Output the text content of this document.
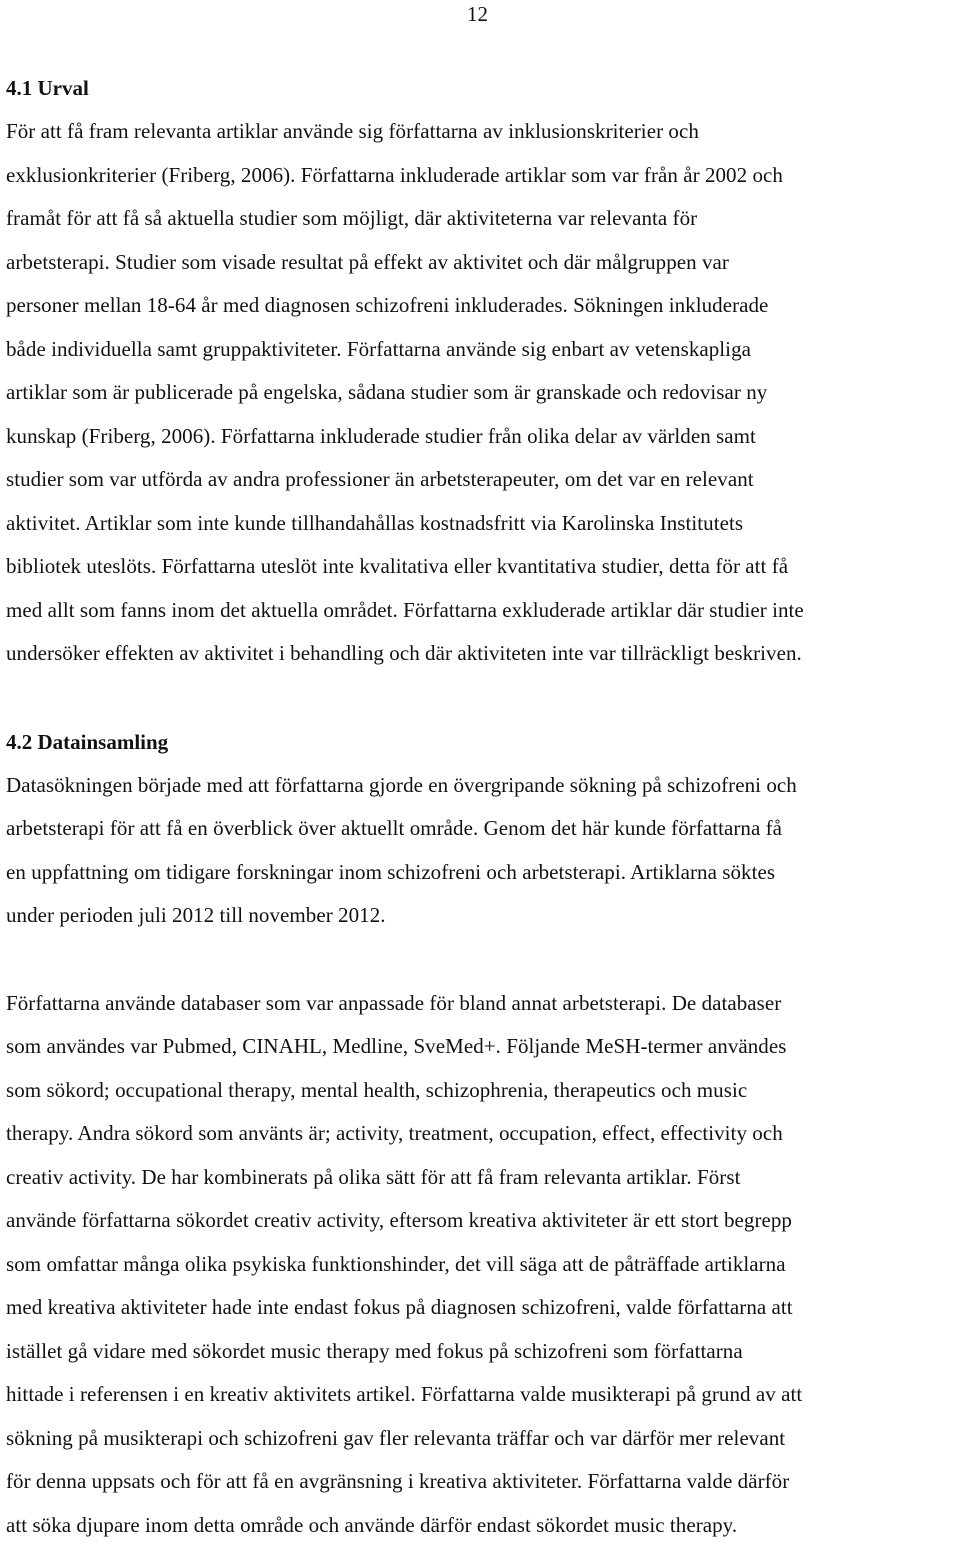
12
4.1 Urval
För att få fram relevanta artiklar använde sig författarna av inklusionskriterier och
exklusionkriterier (Friberg, 2006). Författarna inkluderade artiklar som var från år 2002 och
framåt för att få så aktuella studier som möjligt, där aktiviteterna var relevanta för
arbetsterapi. Studier som visade resultat på effekt av aktivitet och där målgruppen var
personer mellan 18-64 år med diagnosen schizofreni inkluderades. Sökningen inkluderade
både individuella samt gruppaktiviteter. Författarna använde sig enbart av vetenskapliga
artiklar som är publicerade på engelska, sådana studier som är granskade och redovisar ny
kunskap (Friberg, 2006). Författarna inkluderade studier från olika delar av världen samt
studier som var utförda av andra professioner än arbetsterapeuter, om det var en relevant
aktivitet. Artiklar som inte kunde tillhandahållas kostnadsfritt via Karolinska Institutets
bibliotek uteslöts. Författarna uteslöt inte kvalitativa eller kvantitativa studier, detta för att få
med allt som fanns inom det aktuella området. Författarna exkluderade artiklar där studier inte
undersöker effekten av aktivitet i behandling och där aktiviteten inte var tillräckligt beskriven.
4.2 Datainsamling
Datasökningen började med att författarna gjorde en övergripande sökning på schizofreni och
arbetsterapi för att få en överblick över aktuellt område. Genom det här kunde författarna få
en uppfattning om tidigare forskningar inom schizofreni och arbetsterapi. Artiklarna söktes
under perioden juli 2012 till november 2012.
Författarna använde databaser som var anpassade för bland annat arbetsterapi. De databaser
som användes var Pubmed, CINAHL, Medline, SveMed+. Följande MeSH-termer användes
som sökord; occupational therapy, mental health, schizophrenia, therapeutics och music
therapy. Andra sökord som använts är; activity, treatment, occupation, effect, effectivity och
creativ activity. De har kombinerats på olika sätt för att få fram relevanta artiklar. Först
använde författarna sökordet creativ activity, eftersom kreativa aktiviteter är ett stort begrepp
som omfattar många olika psykiska funktionshinder, det vill säga att de påträffade artiklarna
med kreativa aktiviteter hade inte endast fokus på diagnosen schizofreni, valde författarna att
istället gå vidare med sökordet music therapy med fokus på schizofreni som författarna
hittade i referensen i en kreativ aktivitets artikel. Författarna valde musikterapi på grund av att
sökning på musikterapi och schizofreni gav fler relevanta träffar och var därför mer relevant
för denna uppsats och för att få en avgränsning i kreativa aktiviteter. Författarna valde därför
att söka djupare inom detta område och använde därför endast sökordet music therapy.
